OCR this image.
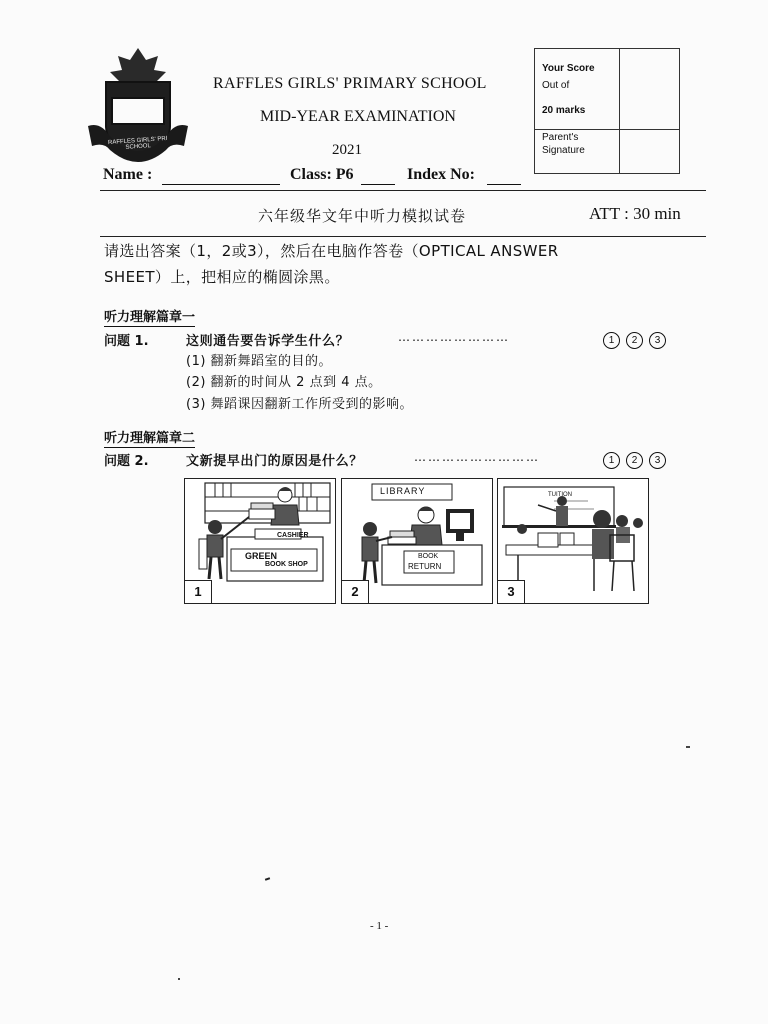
RAFFLES GIRLS' PRI SCHOOL
RAFFLES GIRLS' PRIMARY SCHOOL
MID-YEAR EXAMINATION
2021
Your Score
Out of
20 marks
Parent's
Signature
Name :	Class: P6	Index No:
六年级华文年中听力模拟试卷	ATT : 30 min
请选出答案（1，2或3），然后在电脑作答卷（OPTICAL ANSWER
SHEET）上，把相应的椭圆涂黑。
听力理解篇章一
问题 1.	这则通告要告诉学生什么？	……………………	1 2 3
(1) 翻新舞蹈室的目的。
(2) 翻新的时间从 2 点到 4 点。
(3) 舞蹈课因翻新工作所受到的影响。
听力理解篇章二
问题 2.	文新提早出门的原因是什么？	………………………	1 2 3
CASHIER
GREEN
BOOK SHOP
1
LIBRARY
BOOK
RETURN
2
TUITION
3
- 1 -
